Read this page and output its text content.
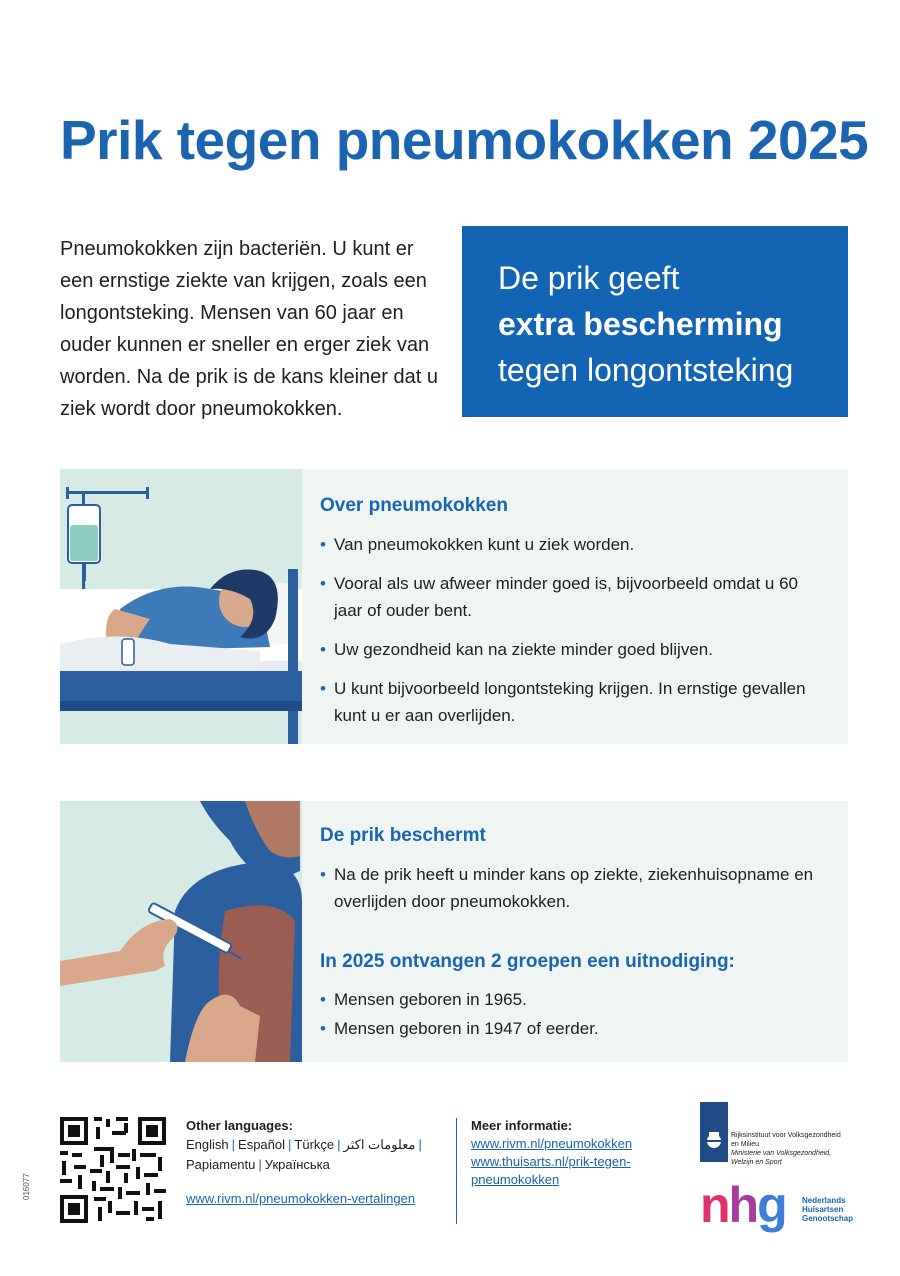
Prik tegen pneumokokken 2025

Pneumokokken zijn bacteriën. U kunt er een ernstige ziekte van krijgen, zoals een longontsteking. Mensen van 60 jaar en ouder kunnen er sneller en erger ziek van worden. Na de prik is de kans kleiner dat u ziek wordt door pneumokokken.

De prik geeft
extra bescherming
tegen longontsteking
Over pneumokokken
• Van pneumokokken kunt u ziek worden.
• Vooral als uw afweer minder goed is, bijvoorbeeld omdat u 60 jaar of ouder bent.
• Uw gezondheid kan na ziekte minder goed blijven.
• U kunt bijvoorbeeld longontsteking krijgen. In ernstige gevallen kunt u er aan overlijden.
De prik beschermt
• Na de prik heeft u minder kans op ziekte, ziekenhuisopname en overlijden door pneumokokken.
In 2025 ontvangen 2 groepen een uitnodiging:
• Mensen geboren in 1965.
• Mensen geboren in 1947 of eerder.
016077
Other languages:

English | Español | Türkçe | معلومات اكثر |
Papiamentu | Українська

www.rivm.nl/pneumokokken-vertalingen
Meer informatie:
www.rivm.nl/pneumokokken
www.thuisarts.nl/prik-tegen-
pneumokokken
Rijksinstituut voor Volksgezondheid
en Milieu
Ministerie van Volksgezondheid,
Welzijn en Sport
nhg Nederlands
Huisartsen
Genootschap
